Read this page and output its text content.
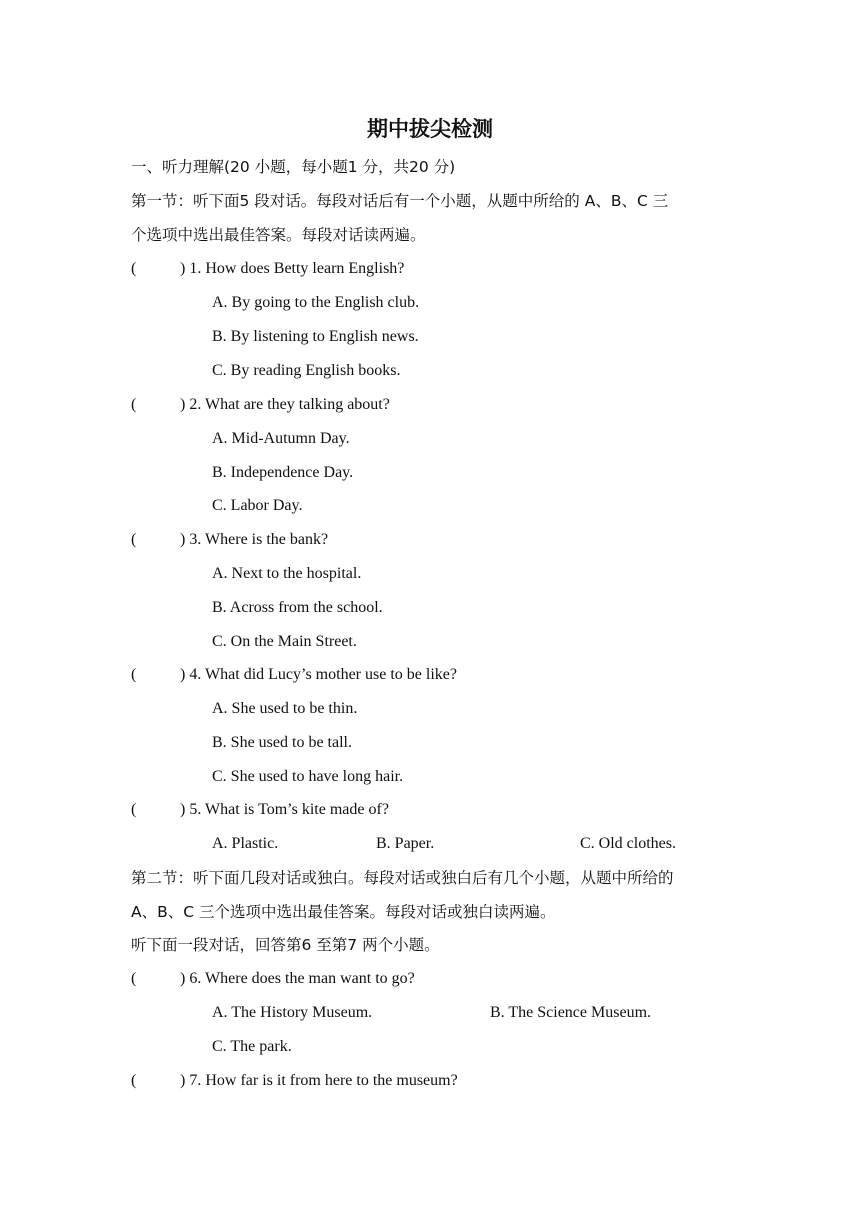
期中拔尖检测
一、听力理解(20 小题，每小题1 分，共20 分)
第一节：听下面5 段对话。每段对话后有一个小题，从题中所给的 A、B、C 三
个选项中选出最佳答案。每段对话读两遍。
(	) 1. How does Betty learn English?
A. By going to the English club.
B. By listening to English news.
C. By reading English books.
(	) 2. What are they talking about?
A. Mid-Autumn Day.
B. Independence Day.
C. Labor Day.
(	) 3. Where is the bank?
A. Next to the hospital.
B. Across from the school.
C. On the Main Street.
(	) 4. What did Lucy’s mother use to be like?
A. She used to be thin.
B. She used to be tall.
C. She used to have long hair.
(	) 5. What is Tom’s kite made of?
A. Plastic.	B. Paper.	C. Old clothes.
第二节：听下面几段对话或独白。每段对话或独白后有几个小题，从题中所给的
A、B、C 三个选项中选出最佳答案。每段对话或独白读两遍。
听下面一段对话，回答第6 至第7 两个小题。
(	) 6. Where does the man want to go?
A. The History Museum.	B. The Science Museum.
C. The park.
(	) 7. How far is it from here to the museum?
